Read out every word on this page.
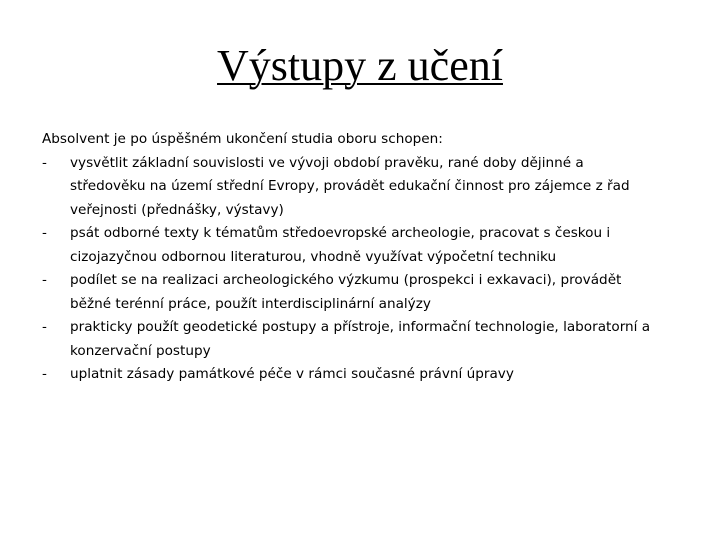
Výstupy z učení
Absolvent je po úspěšném ukončení studia oboru schopen:
-	vysvětlit základní souvislosti ve vývoji období pravěku, rané doby dějinné a
středověku na území střední Evropy, provádět edukační činnost pro zájemce z řad
veřejnosti (přednášky, výstavy)
-	psát odborné texty k tématům středoevropské archeologie, pracovat s českou i
cizojazyčnou odbornou literaturou, vhodně využívat výpočetní techniku
-	podílet se na realizaci archeologického výzkumu (prospekci i exkavaci), provádět
běžné terénní práce, použít interdisciplinární analýzy
-	prakticky použít geodetické postupy a přístroje, informační technologie, laboratorní a
konzervační postupy
-	uplatnit zásady památkové péče v rámci současné právní úpravy
